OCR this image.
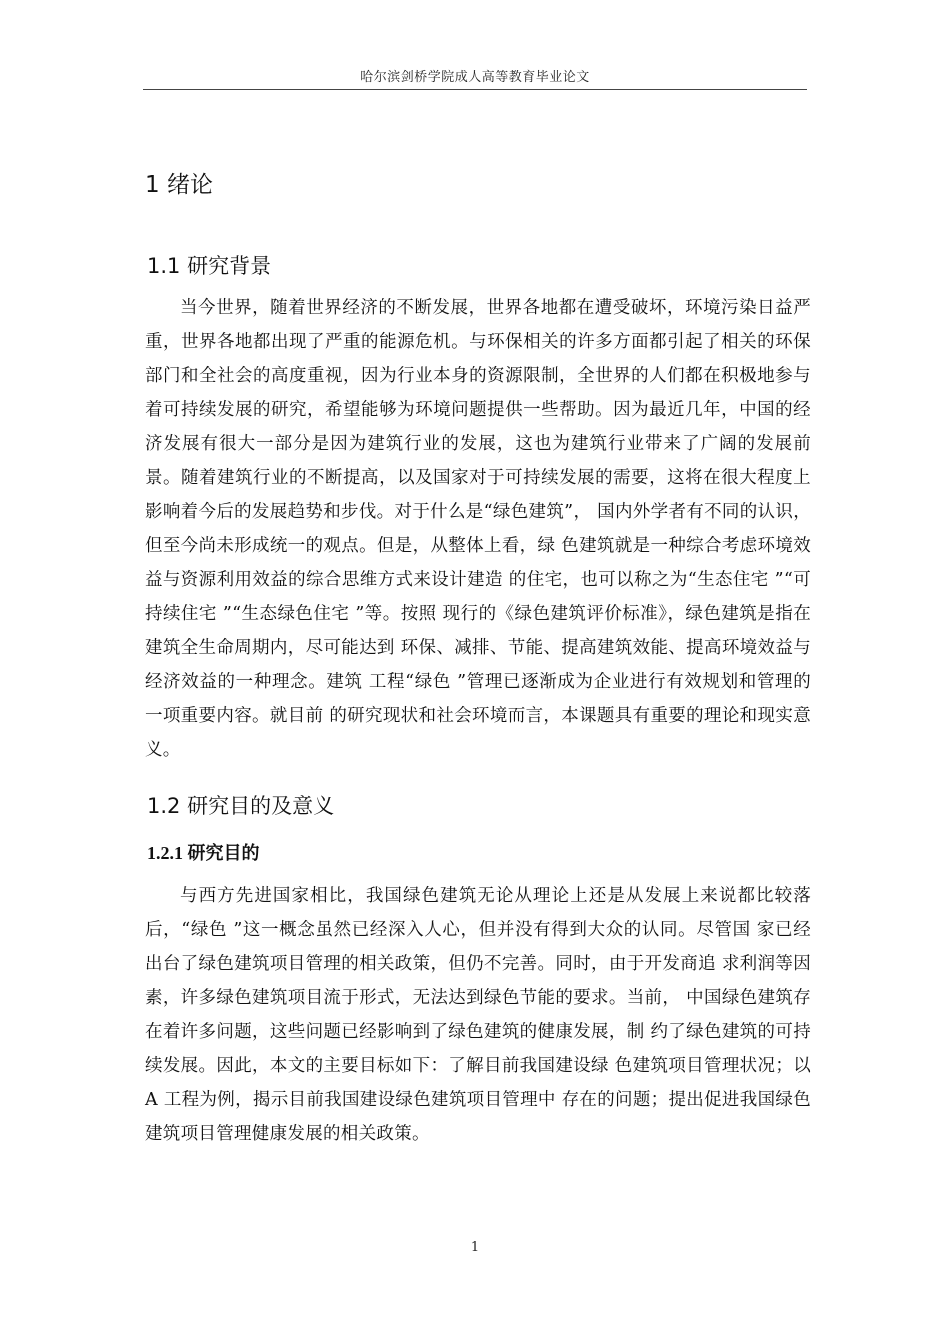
哈尔滨剑桥学院成人高等教育毕业论文
1 绪论
1.1 研究背景

当今世界，随着世界经济的不断发展，世界各地都在遭受破坏，环境污染日益严重，世界各地都出现了严重的能源危机。与环保相关的许多方面都引起了相关的环保部门和全社会的高度重视，因为行业本身的资源限制，全世界的人们都在积极地参与着可持续发展的研究，希望能够为环境问题提供一些帮助。因为最近几年，中国的经济发展有很大一部分是因为建筑行业的发展，这也为建筑行业带来了广阔的发展前景。随着建筑行业的不断提高，以及国家对于可持续发展的需要，这将在很大程度上影响着今后的发展趋势和步伐。对于什么是“绿色建筑”， 国内外学者有不同的认识，但至今尚未形成统一的观点。但是，从整体上看，绿 色建筑就是一种综合考虑环境效益与资源利用效益的综合思维方式来设计建造 的住宅，也可以称之为“生态住宅 ”“可持续住宅 ”“生态绿色住宅 ”等。按照 现行的《绿色建筑评价标准》，绿色建筑是指在建筑全生命周期内，尽可能达到 环保、减排、节能、提高建筑效能、提高环境效益与经济效益的一种理念。建筑 工程“绿色 ”管理已逐渐成为企业进行有效规划和管理的一项重要内容。就目前 的研究现状和社会环境而言，本课题具有重要的理论和现实意义。

1.2 研究目的及意义
1.2.1 研究目的

与西方先进国家相比，我国绿色建筑无论从理论上还是从发展上来说都比较落后，“绿色 ”这一概念虽然已经深入人心，但并没有得到大众的认同。尽管国 家已经出台了绿色建筑项目管理的相关政策，但仍不完善。同时，由于开发商追 求利润等因素，许多绿色建筑项目流于形式，无法达到绿色节能的要求。当前， 中国绿色建筑存在着许多问题，这些问题已经影响到了绿色建筑的健康发展，制 约了绿色建筑的可持续发展。因此，本文的主要目标如下：了解目前我国建设绿 色建筑项目管理状况；以 A 工程为例，揭示目前我国建设绿色建筑项目管理中 存在的问题；提出促进我国绿色建筑项目管理健康发展的相关政策。

1
